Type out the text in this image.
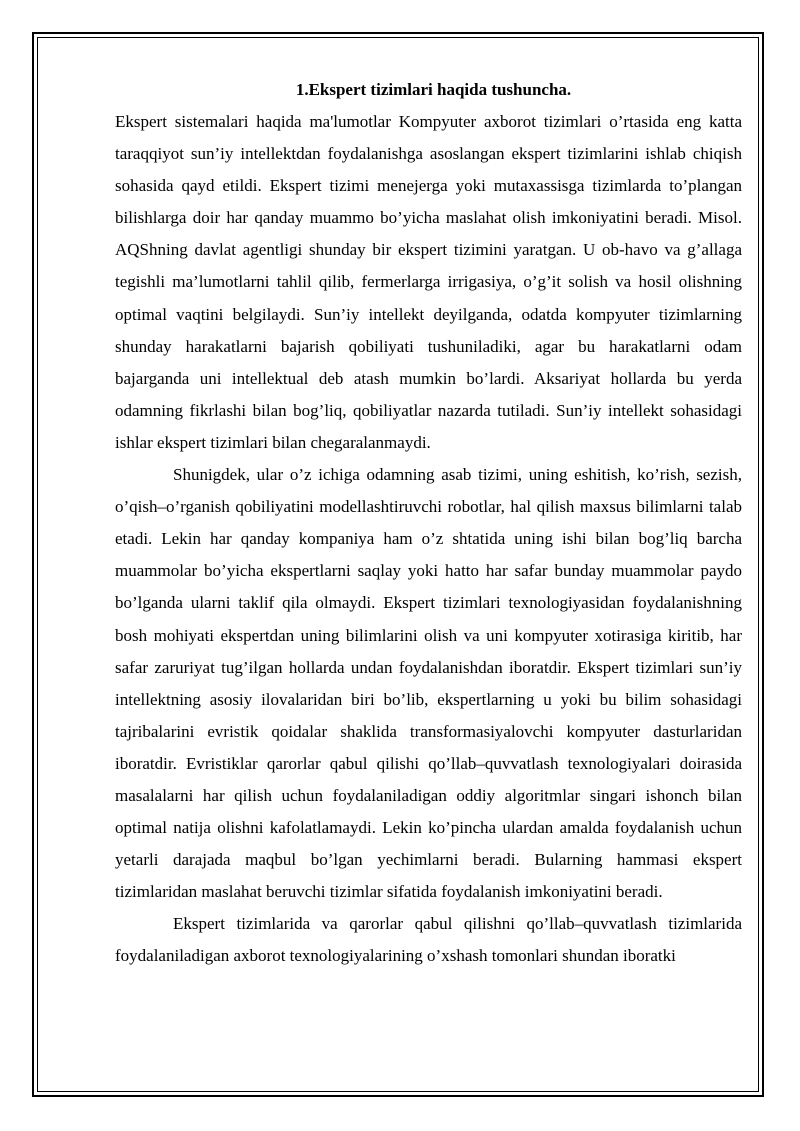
1.Ekspert tizimlari haqida tushuncha.

Ekspert sistemalari haqida ma'lumotlar Kompyuter axborot tizimlari o’rtasida eng katta taraqqiyot sun’iy intellektdan foydalanishga asoslangan ekspert tizimlarini ishlab chiqish sohasida qayd etildi. Ekspert tizimi menejerga yoki mutaxassisga tizimlarda to’plangan bilishlarga doir har qanday muammo bo’yicha maslahat olish imkoniyatini beradi. Misol. AQShning davlat agentligi shunday bir ekspert tizimini yaratgan. U ob-havo va g’allaga tegishli ma’lumotlarni tahlil qilib, fermerlarga irrigasiya, o’g’it solish va hosil olishning optimal vaqtini belgilaydi. Sun’iy intellekt deyilganda, odatda kompyuter tizimlarning shunday harakatlarni bajarish qobiliyati tushuniladiki, agar bu harakatlarni odam bajarganda uni intellektual deb atash mumkin bo’lardi. Aksariyat hollarda bu yerda odamning fikrlashi bilan bog’liq, qobiliyatlar nazarda tutiladi. Sun’iy intellekt sohasidagi ishlar ekspert tizimlari bilan chegaralanmaydi.

Shunigdek, ular o’z ichiga odamning asab tizimi, uning eshitish, ko’rish, sezish, o’qish–o’rganish qobiliyatini modellashtiruvchi robotlar, hal qilish maxsus bilimlarni talab etadi. Lekin har qanday kompaniya ham o’z shtatida uning ishi bilan bog’liq barcha muammolar bo’yicha ekspertlarni saqlay yoki hatto har safar bunday muammolar paydo bo’lganda ularni taklif qila olmaydi. Ekspert tizimlari texnologiyasidan foydalanishning bosh mohiyati ekspertdan uning bilimlarini olish va uni kompyuter xotirasiga kiritib, har safar zaruriyat tug’ilgan hollarda undan foydalanishdan iboratdir. Ekspert tizimlari sun’iy intellektning asosiy ilovalaridan biri bo’lib, ekspertlarning u yoki bu bilim sohasidagi tajribalarini evristik qoidalar shaklida transformasiyalovchi kompyuter dasturlaridan iboratdir. Evristiklar qarorlar qabul qilishi qo’llab–quvvatlash texnologiyalari doirasida masalalarni har qilish uchun foydalaniladigan oddiy algoritmlar singari ishonch bilan optimal natija olishni kafolatlamaydi. Lekin ko’pincha ulardan amalda foydalanish uchun yetarli darajada maqbul bo’lgan yechimlarni beradi. Bularning hammasi ekspert tizimlaridan maslahat beruvchi tizimlar sifatida foydalanish imkoniyatini beradi.

Ekspert tizimlarida va qarorlar qabul qilishni qo’llab–quvvatlash tizimlarida foydalaniladigan axborot texnologiyalarining o’xshash tomonlari shundan iboratki
